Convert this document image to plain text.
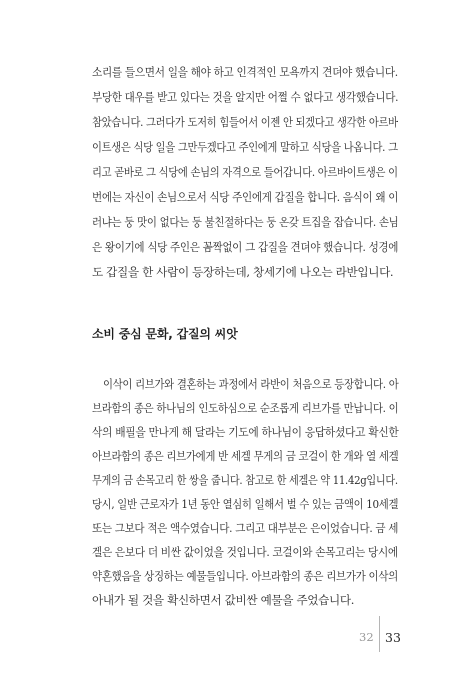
소리를 들으면서 일을 해야 하고 인격적인 모욕까지 견뎌야 했습니다.
부당한 대우를 받고 있다는 것을 알지만 어쩔 수 없다고 생각했습니다.
참았습니다. 그러다가 도저히 힘들어서 이젠 안 되겠다고 생각한 아르바
이트생은 식당 일을 그만두겠다고 주인에게 말하고 식당을 나옵니다. 그
리고 곧바로 그 식당에 손님의 자격으로 들어갑니다. 아르바이트생은 이
번에는 자신이 손님으로서 식당 주인에게 갑질을 합니다. 음식이 왜 이
러냐는 둥 맛이 없다는 둥 불친절하다는 둥 온갖 트집을 잡습니다. 손님
은 왕이기에 식당 주인은 꼼짝없이 그 갑질을 견뎌야 했습니다. 성경에
도 갑질을 한 사람이 등장하는데, 창세기에 나오는 라반입니다.
소비 중심 문화, 갑질의 씨앗
이삭이 리브가와 결혼하는 과정에서 라반이 처음으로 등장합니다. 아
브라함의 종은 하나님의 인도하심으로 순조롭게 리브가를 만납니다. 이
삭의 배필을 만나게 해 달라는 기도에 하나님이 응답하셨다고 확신한
아브라함의 종은 리브가에게 반 세겔 무게의 금 코걸이 한 개와 열 세겔
무게의 금 손목고리 한 쌍을 줍니다. 참고로 한 세겔은 약 11.42g입니다.
당시, 일반 근로자가 1년 동안 열심히 일해서 벌 수 있는 금액이 10세겔
또는 그보다 적은 액수였습니다. 그리고 대부분은 은이었습니다. 금 세
겔은 은보다 더 비싼 값이었을 것입니다. 코걸이와 손목고리는 당시에
약혼했음을 상징하는 예물들입니다. 아브라함의 종은 리브가가 이삭의
아내가 될 것을 확신하면서 값비싼 예물을 주었습니다.
32 33
